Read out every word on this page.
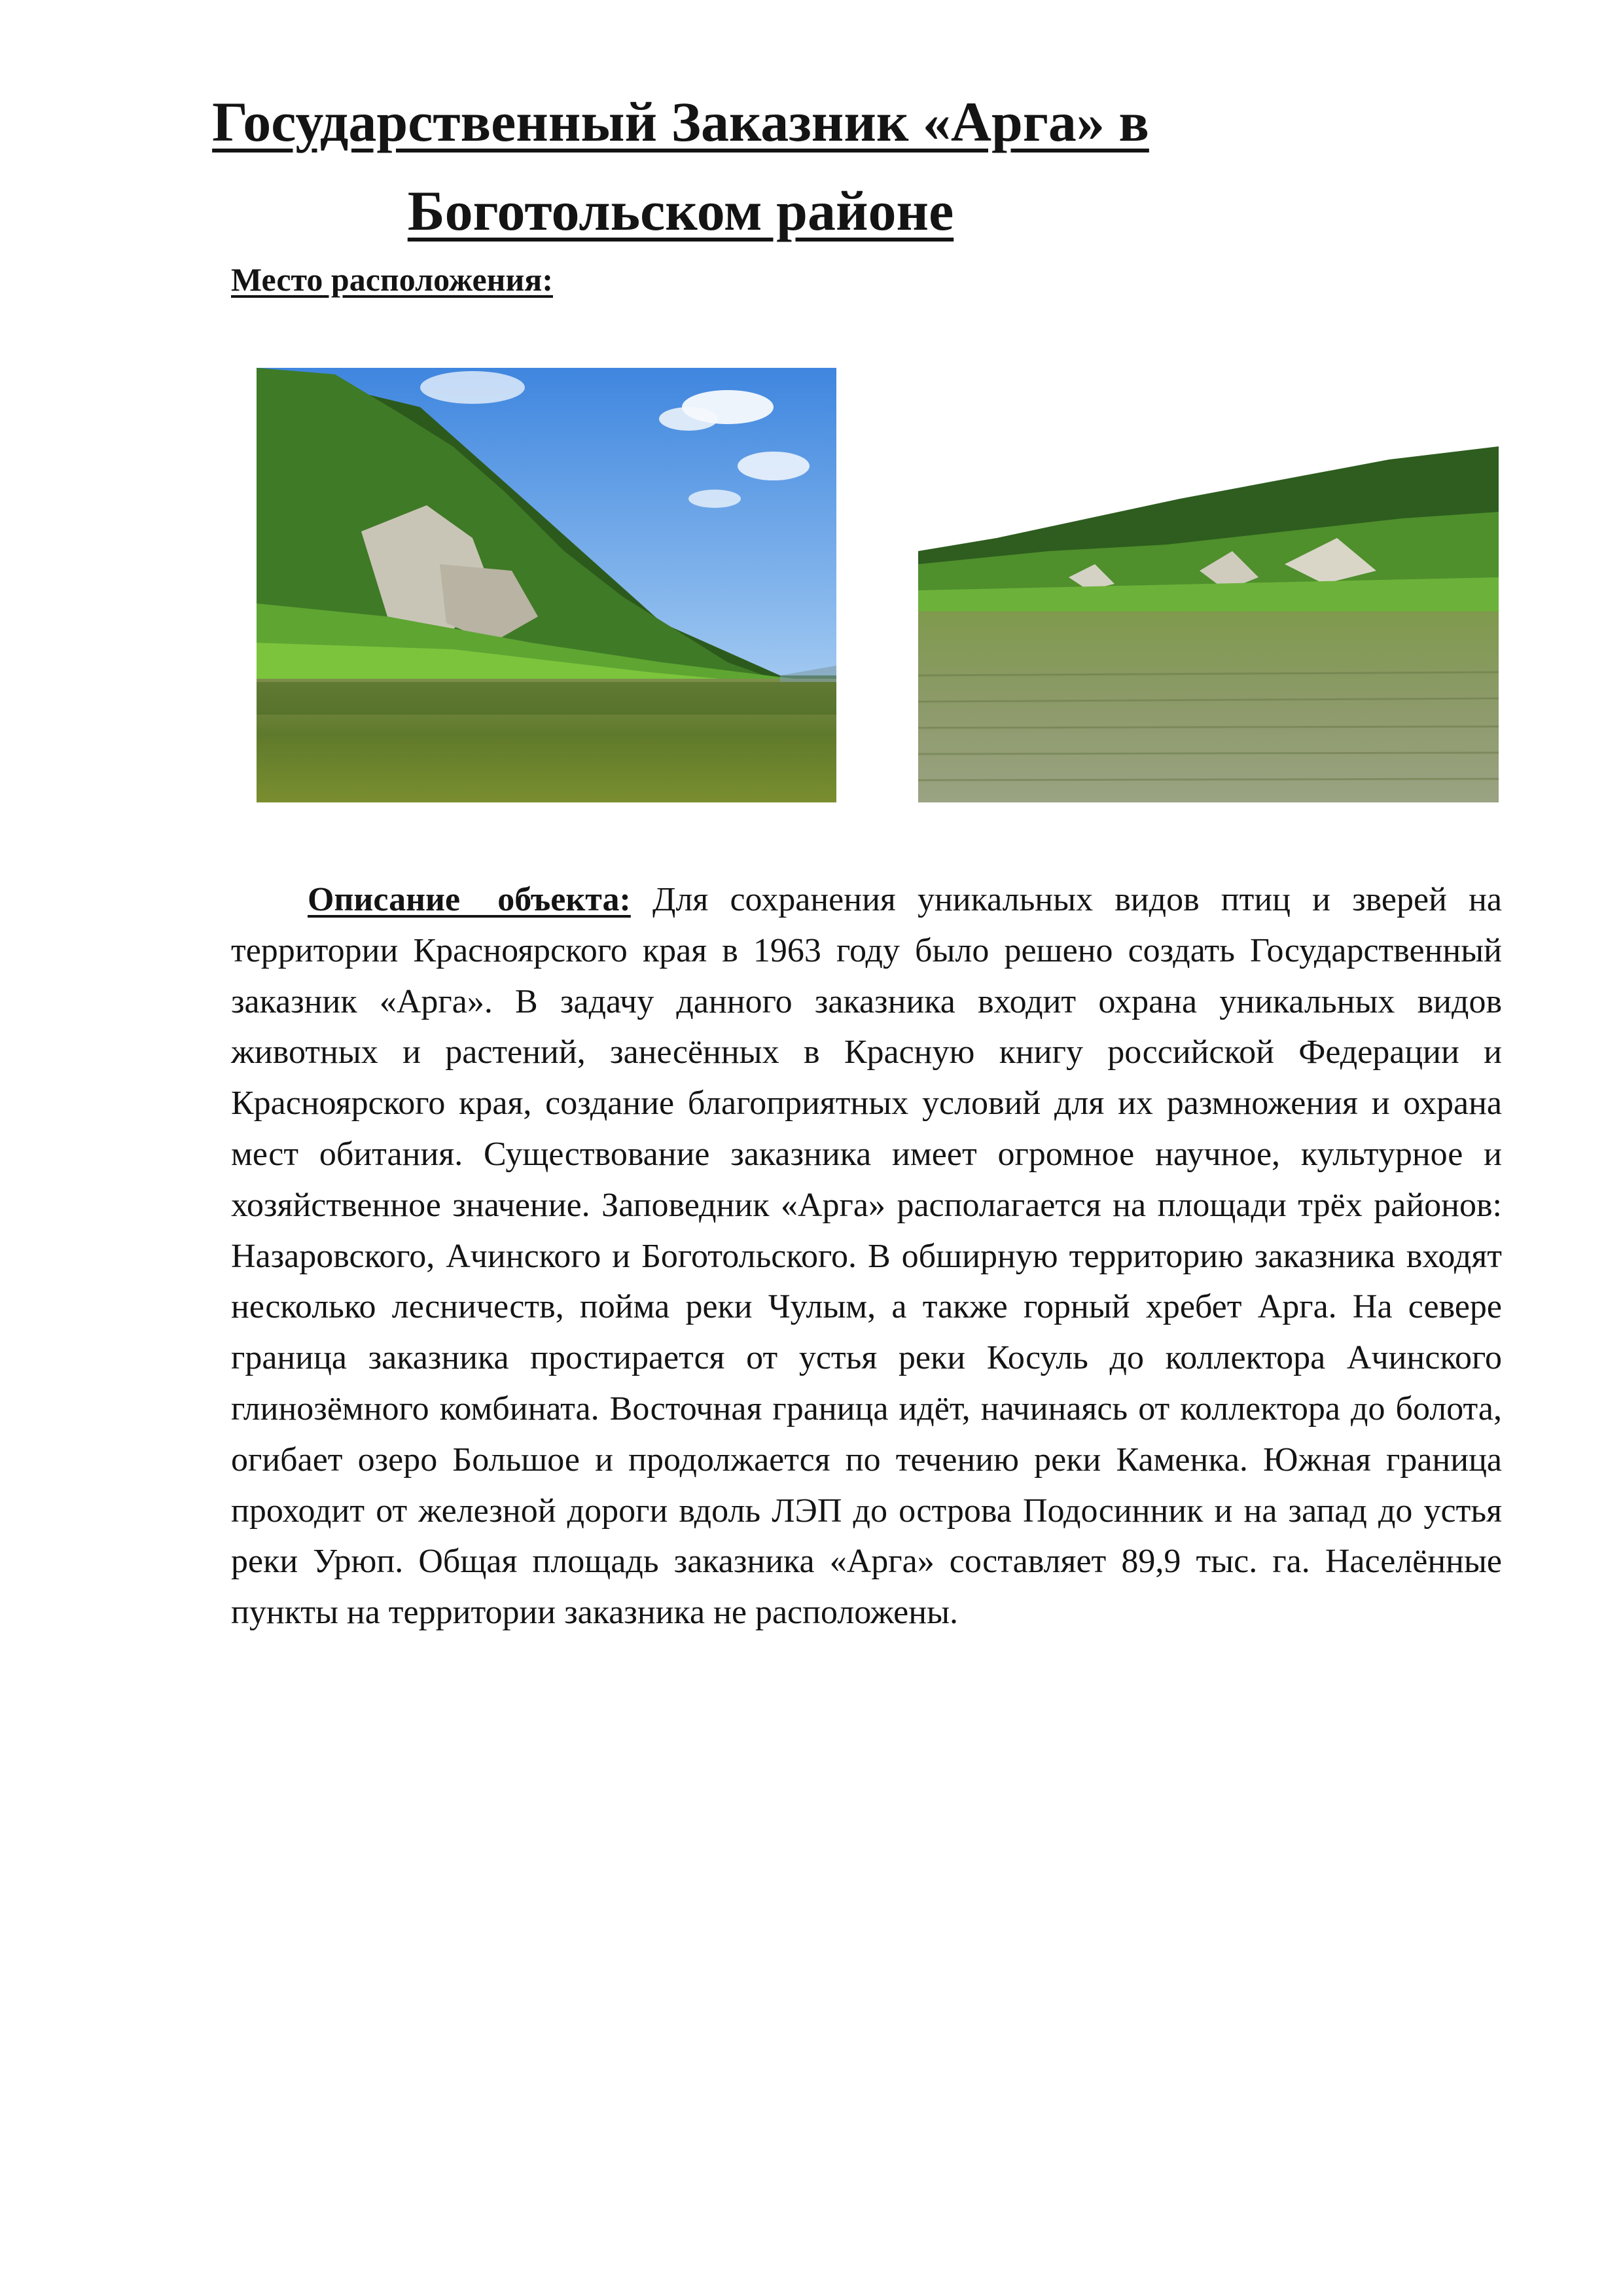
Государственный Заказник «Арга» в Боготольском районе
Место расположения:

Описание объекта: Для сохранения уникальных видов птиц и зверей на территории Красноярского края в 1963 году было решено создать Государственный заказник «Арга». В задачу данного заказника входит охрана уникальных видов животных и растений, занесённых в Красную книгу российской Федерации и Красноярского края, создание благоприятных условий для их размножения и охрана мест обитания. Существование заказника имеет огромное научное, культурное и хозяйственное значение. Заповедник «Арга» располагается на площади трёх районов: Назаровского, Ачинского и Боготольского. В обширную территорию заказника входят несколько лесничеств, пойма реки Чулым, а также горный хребет Арга. На севере граница заказника простирается от устья реки Косуль до коллектора Ачинского глинозёмного комбината. Восточная граница идёт, начинаясь от коллектора до болота, огибает озеро Большое и продолжается по течению реки Каменка. Южная граница проходит от железной дороги вдоль ЛЭП до острова Подосинник и на запад до устья реки Урюп. Общая площадь заказника «Арга» составляет 89,9 тыс. га. Населённые пункты на территории заказника не расположены.
